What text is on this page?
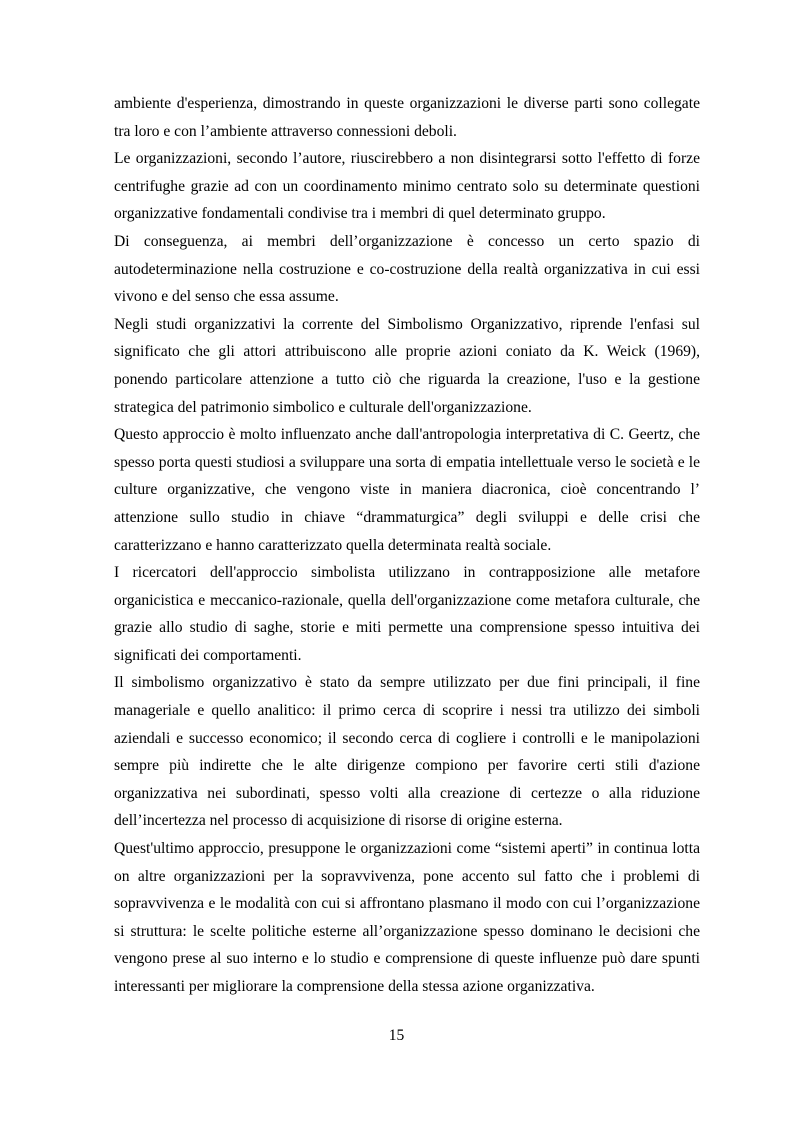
ambiente d'esperienza, dimostrando in queste organizzazioni le diverse parti sono collegate tra loro e con l’ambiente attraverso connessioni deboli.

Le organizzazioni, secondo l’autore, riuscirebbero a non disintegrarsi sotto l'effetto di forze centrifughe grazie ad con un coordinamento minimo centrato solo su determinate questioni organizzative fondamentali condivise tra i membri di quel determinato gruppo.

Di conseguenza, ai membri dell’organizzazione è concesso un certo spazio di autodeterminazione nella costruzione e co-costruzione della realtà organizzativa in cui essi vivono e del senso che essa assume.

Negli studi organizzativi la corrente del Simbolismo Organizzativo, riprende l'enfasi sul significato che gli attori attribuiscono alle proprie azioni coniato da K. Weick (1969), ponendo particolare attenzione a tutto ciò che riguarda la creazione, l'uso e la gestione strategica del patrimonio simbolico e culturale dell'organizzazione.

Questo approccio è molto influenzato anche dall'antropologia interpretativa di C. Geertz, che spesso porta questi studiosi a sviluppare una sorta di empatia intellettuale verso le società e le culture organizzative, che vengono viste in maniera diacronica, cioè concentrando l’ attenzione sullo studio in chiave “drammaturgica” degli sviluppi e delle crisi che caratterizzano e hanno caratterizzato quella determinata realtà sociale.

I ricercatori dell'approccio simbolista utilizzano in contrapposizione alle metafore organicistica e meccanico-razionale, quella dell'organizzazione come metafora culturale, che grazie allo studio di saghe, storie e miti permette una comprensione spesso intuitiva dei significati dei comportamenti.

Il simbolismo organizzativo è stato da sempre utilizzato per due fini principali, il fine manageriale e quello analitico: il primo cerca di scoprire i nessi tra utilizzo dei simboli aziendali e successo economico; il secondo cerca di cogliere i controlli e le manipolazioni sempre più indirette che le alte dirigenze compiono per favorire certi stili d'azione organizzativa nei subordinati, spesso volti alla creazione di certezze o alla riduzione dell’incertezza nel processo di acquisizione di risorse di origine esterna.

Quest'ultimo approccio, presuppone le organizzazioni come “sistemi aperti” in continua lotta on altre organizzazioni per la sopravvivenza, pone accento sul fatto che i problemi di sopravvivenza e le modalità con cui si affrontano plasmano il modo con cui l’organizzazione si struttura: le scelte politiche esterne all’organizzazione spesso dominano le decisioni che vengono prese al suo interno e lo studio e comprensione di queste influenze può dare spunti interessanti per migliorare la comprensione della stessa azione organizzativa.

15
